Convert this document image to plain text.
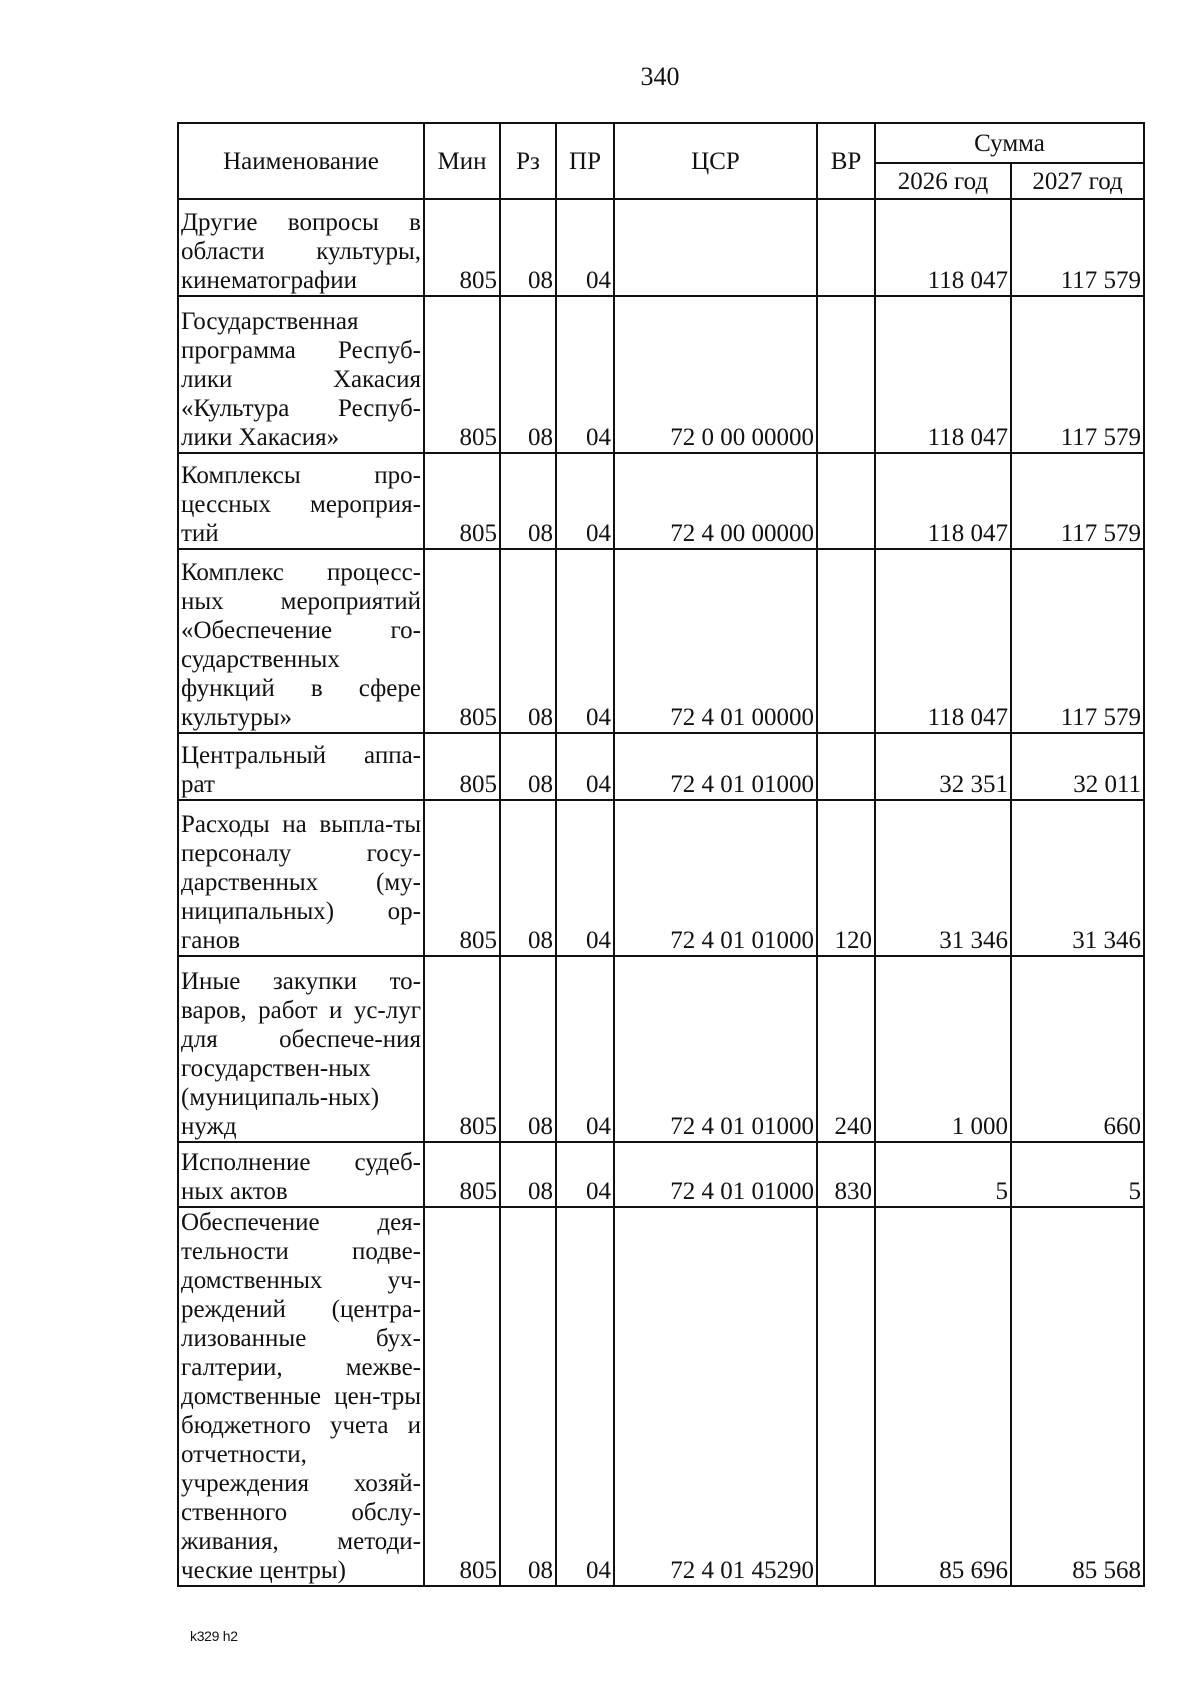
340
Наименование	Мин	Рз	ПР	ЦСР	ВР	Сумма	
						2026 год	2027 год
Другие вопросы в области культуры, кинематографии	805	08	04			118 047	117 579
Государственная программа Респуб-лики Хакасия «Культура Респуб-лики Хакасия»	805	08	04	72 0 00 00000		118 047	117 579
Комплексы про-цессных мероприя-тий	805	08	04	72 4 00 00000		118 047	117 579
Комплекс процесс-ных мероприятий «Обеспечение го-сударственных функций в сфере культуры»	805	08	04	72 4 01 00000		118 047	117 579
Центральный аппа-рат	805	08	04	72 4 01 01000		32 351	32 011
Расходы на выпла-ты персоналу госу-дарственных (му-ниципальных) ор-ганов	805	08	04	72 4 01 01000	120	31 346	31 346
Иные закупки то-варов, работ и ус-луг для обеспече-ния государствен-ных (муниципаль-ных) нужд	805	08	04	72 4 01 01000	240	1 000	660
Исполнение судеб-ных актов	805	08	04	72 4 01 01000	830	5	5
Обеспечение дея-тельности подве-домственных уч-реждений (центра-лизованные бух-галтерии, межве-домственные цен-тры бюджетного учета и отчетности, учреждения хозяй-ственного обслу-живания, методи-ческие центры)	805	08	04	72 4 01 45290		85 696	85 568
k329 h2
